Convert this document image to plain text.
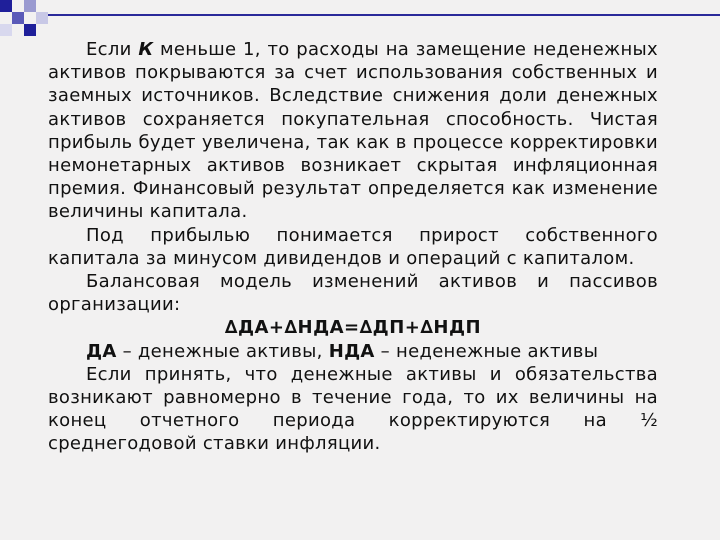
Если К меньше 1, то расходы на замещение неденежных активов покрываются за счет использования собственных и заемных источников. Вследствие снижения доли денежных активов сохраняется покупательная способность. Чистая прибыль будет увеличена, так как в процессе корректировки немонетарных активов возникает скрытая инфляционная премия. Финансовый результат определяется как изменение величины капитала.

Под прибылью понимается прирост собственного капитала за минусом дивидендов и операций с капиталом.

Балансовая модель изменений активов и пассивов организации:

∆ДА+∆НДА=∆ДП+∆НДП

ДА – денежные активы, НДА – неденежные активы

Если принять, что денежные активы и обязательства возникают равномерно в течение года, то их величины на конец отчетного периода корректируются на ½ среднегодовой ставки инфляции.
